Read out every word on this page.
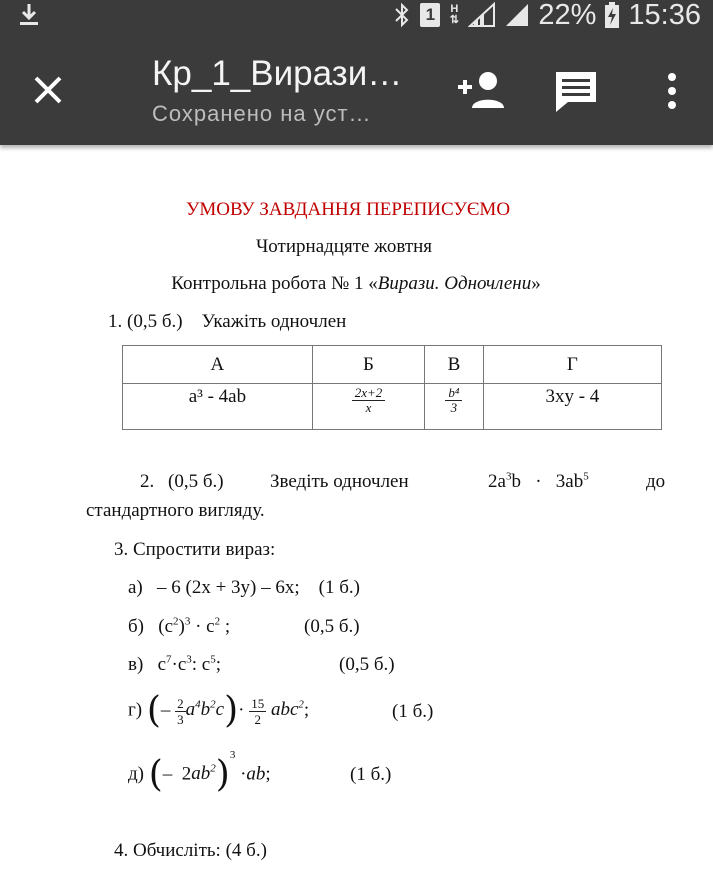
1	H
⇅	22% 15:36
Кр_1_Вирази…
Сохранено на уст…
УМОВУ ЗАВДАННЯ ПЕРЕПИСУЄМО
Чотирнадцяте жовтня
Контрольна робота № 1 «Вирази. Одночлени»
1. (0,5 б.) Укажіть одночлен
А	Б	В	Г
a³ - 4ab	$\frac{2x+2}{x}$	$\frac{\text{b⁴}}{3}$	3xy - 4
2. (0,5 б.) Зведіть одночлен	$2a^3b \cdot 3ab^5$	до
стандартного вигляду.
3. Спростити вираз:
а) – 6 (2x + 3y) – 6x; (1 б.)
б)   $(c^2)^3 \cdot c^2$ ;	(0,5 б.)
в)   $c^7\cdot c^3$: $c^5$;	(0,5 б.)
г) (– $\frac{2}{3} a^4b^2c)\cdot \frac{15}{2} abc^2$;	(1 б.)
д) (–  $2ab^2)^3 \cdot ab$;	(1 б.)
4. Обчисліть: (4 б.)
